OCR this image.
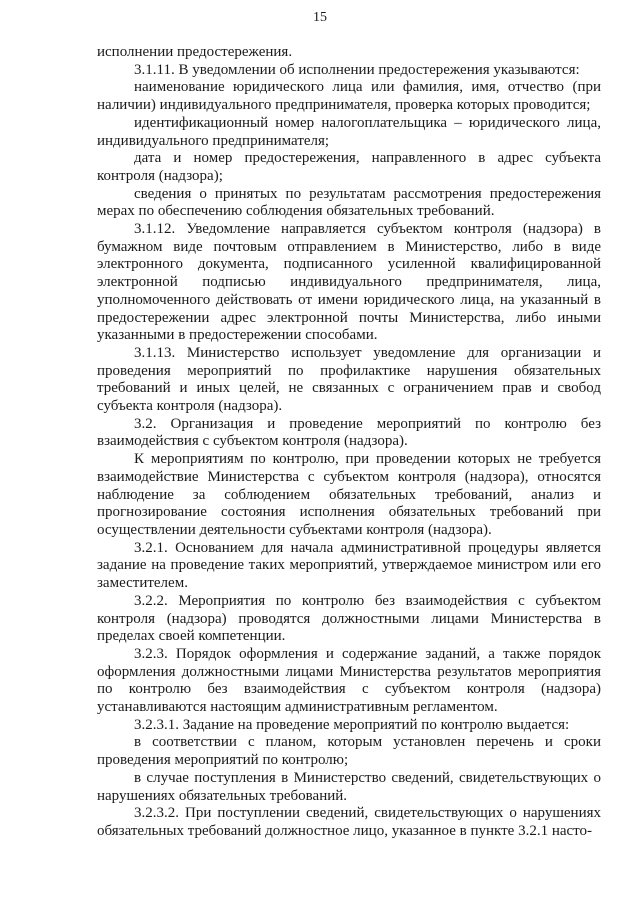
15

исполнении предостережения.

3.1.11. В уведомлении об исполнении предостережения указываются:

наименование юридического лица или фамилия, имя, отчество (при наличии) индивидуального предпринимателя, проверка которых проводится;

идентификационный номер налогоплательщика – юридического лица, индивидуального предпринимателя;

дата и номер предостережения, направленного в адрес субъекта контроля (надзора);

сведения о принятых по результатам рассмотрения предостережения мерах по обеспечению соблюдения обязательных требований.

3.1.12. Уведомление направляется субъектом контроля (надзора) в бумажном виде почтовым отправлением в Министерство, либо в виде электронного документа, подписанного усиленной квалифицированной электронной подписью индивидуального предпринимателя, лица, уполномоченного действовать от имени юридического лица, на указанный в предостережении адрес электронной почты Министерства, либо иными указанными в предостережении способами.

3.1.13. Министерство использует уведомление для организации и проведения мероприятий по профилактике нарушения обязательных требований и иных целей, не связанных с ограничением прав и свобод субъекта контроля (надзора).

3.2. Организация и проведение мероприятий по контролю без взаимодействия с субъектом контроля (надзора).

К мероприятиям по контролю, при проведении которых не требуется взаимодействие Министерства с субъектом контроля (надзора), относятся наблюдение за соблюдением обязательных требований, анализ и прогнозирование состояния исполнения обязательных требований при осуществлении деятельности субъектами контроля (надзора).

3.2.1. Основанием для начала административной процедуры является задание на проведение таких мероприятий, утверждаемое министром или его заместителем.

3.2.2. Мероприятия по контролю без взаимодействия с субъектом контроля (надзора) проводятся должностными лицами Министерства в пределах своей компетенции.

3.2.3. Порядок оформления и содержание заданий, а также порядок оформления должностными лицами Министерства результатов мероприятия по контролю без взаимодействия с субъектом контроля (надзора) устанавливаются настоящим административным регламентом.

3.2.3.1. Задание на проведение мероприятий по контролю выдается:

в соответствии с планом, которым установлен перечень и сроки проведения мероприятий по контролю;

в случае поступления в Министерство сведений, свидетельствующих о нарушениях обязательных требований.

3.2.3.2. При поступлении сведений, свидетельствующих о нарушениях обязательных требований должностное лицо, указанное в пункте 3.2.1 насто-
